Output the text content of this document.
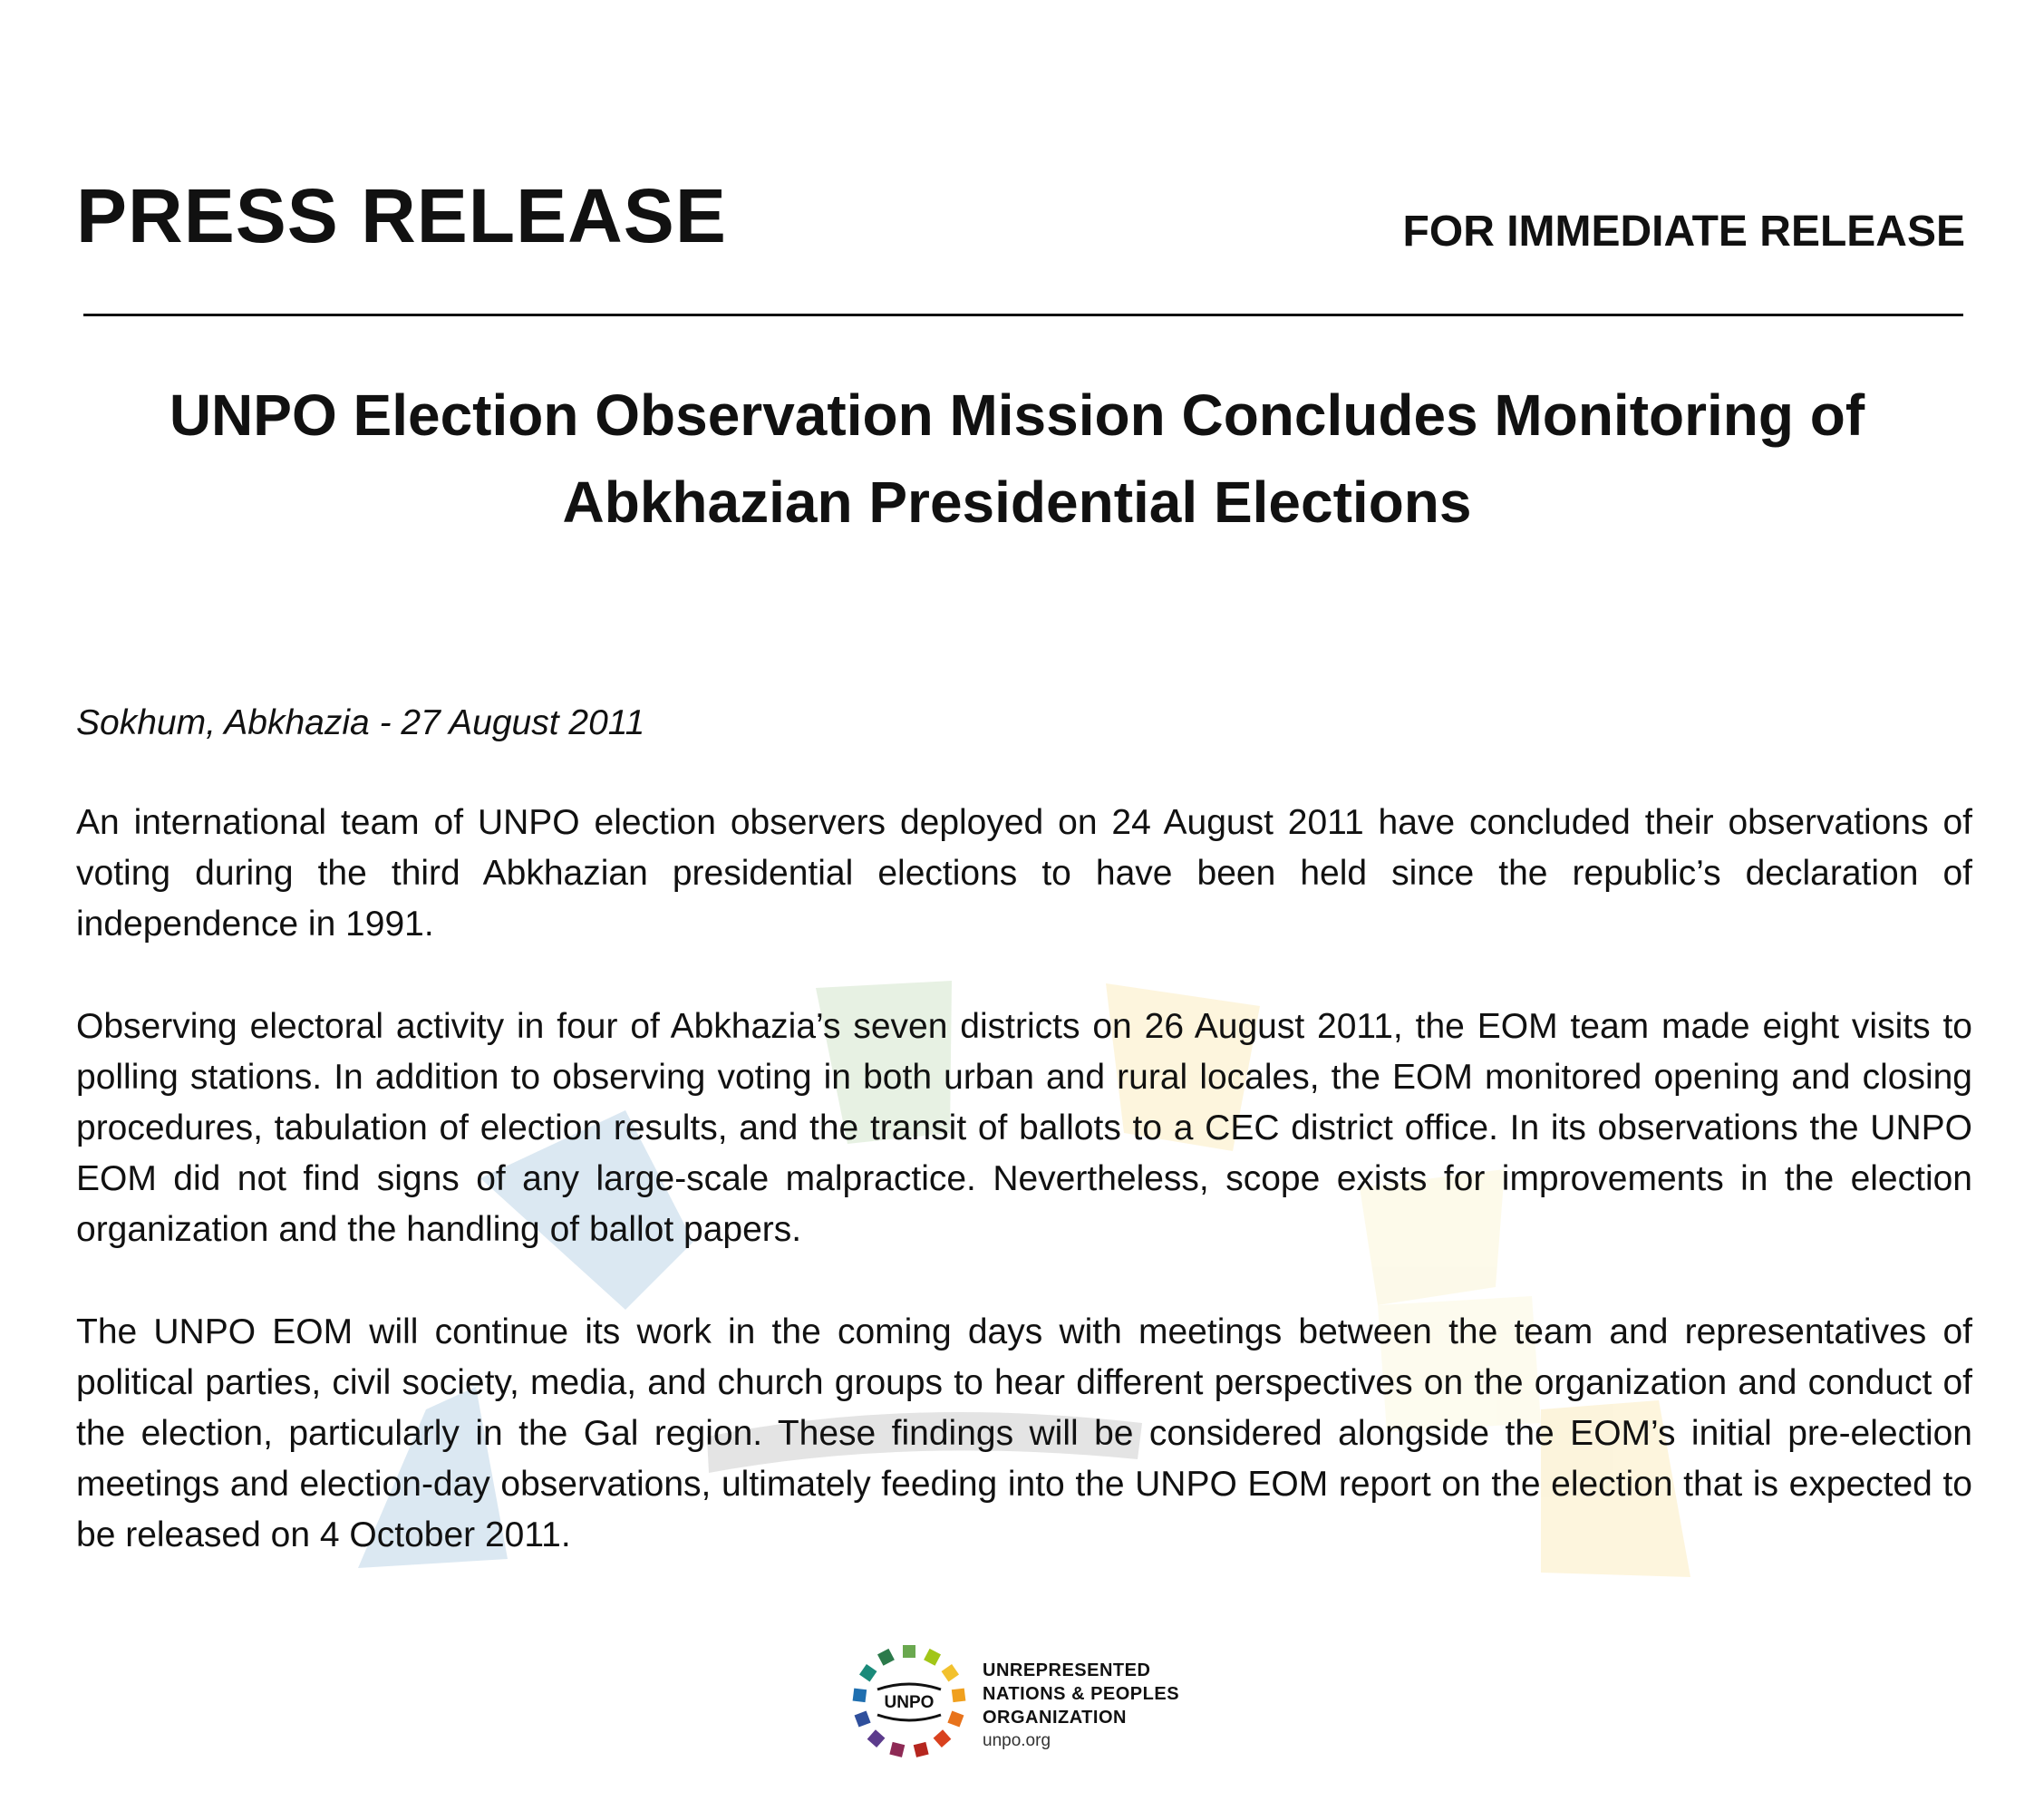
PRESS RELEASE	FOR IMMEDIATE RELEASE
UNPO Election Observation Mission Concludes Monitoring of
Abkhazian Presidential Elections

Sokhum, Abkhazia - 27 August 2011

An international team of UNPO election observers deployed on 24 August 2011 have concluded their observations of voting during the third Abkhazian presidential elections to have been held since the republic’s declaration of independence in 1991.

Observing electoral activity in four of Abkhazia’s seven districts on 26 August 2011, the EOM team made eight visits to polling stations. In addition to observing voting in both urban and rural locales, the EOM monitored opening and closing procedures, tabulation of election results, and the transit of ballots to a CEC district office. In its observations the UNPO EOM did not find signs of any large-scale malpractice. Nevertheless, scope exists for improvements in the election organization and the handling of ballot papers.

The UNPO EOM will continue its work in the coming days with meetings between the team and representatives of political parties, civil society, media, and church groups to hear different perspectives on the organization and conduct of the election, particularly in the Gal region. These findings will be considered alongside the EOM’s initial pre-election meetings and election-day observations, ultimately feeding into the UNPO EOM report on the election that is expected to be released on 4 October 2011.

UNPO
UNREPRESENTED
NATIONS & PEOPLES
ORGANIZATION
unpo.org
